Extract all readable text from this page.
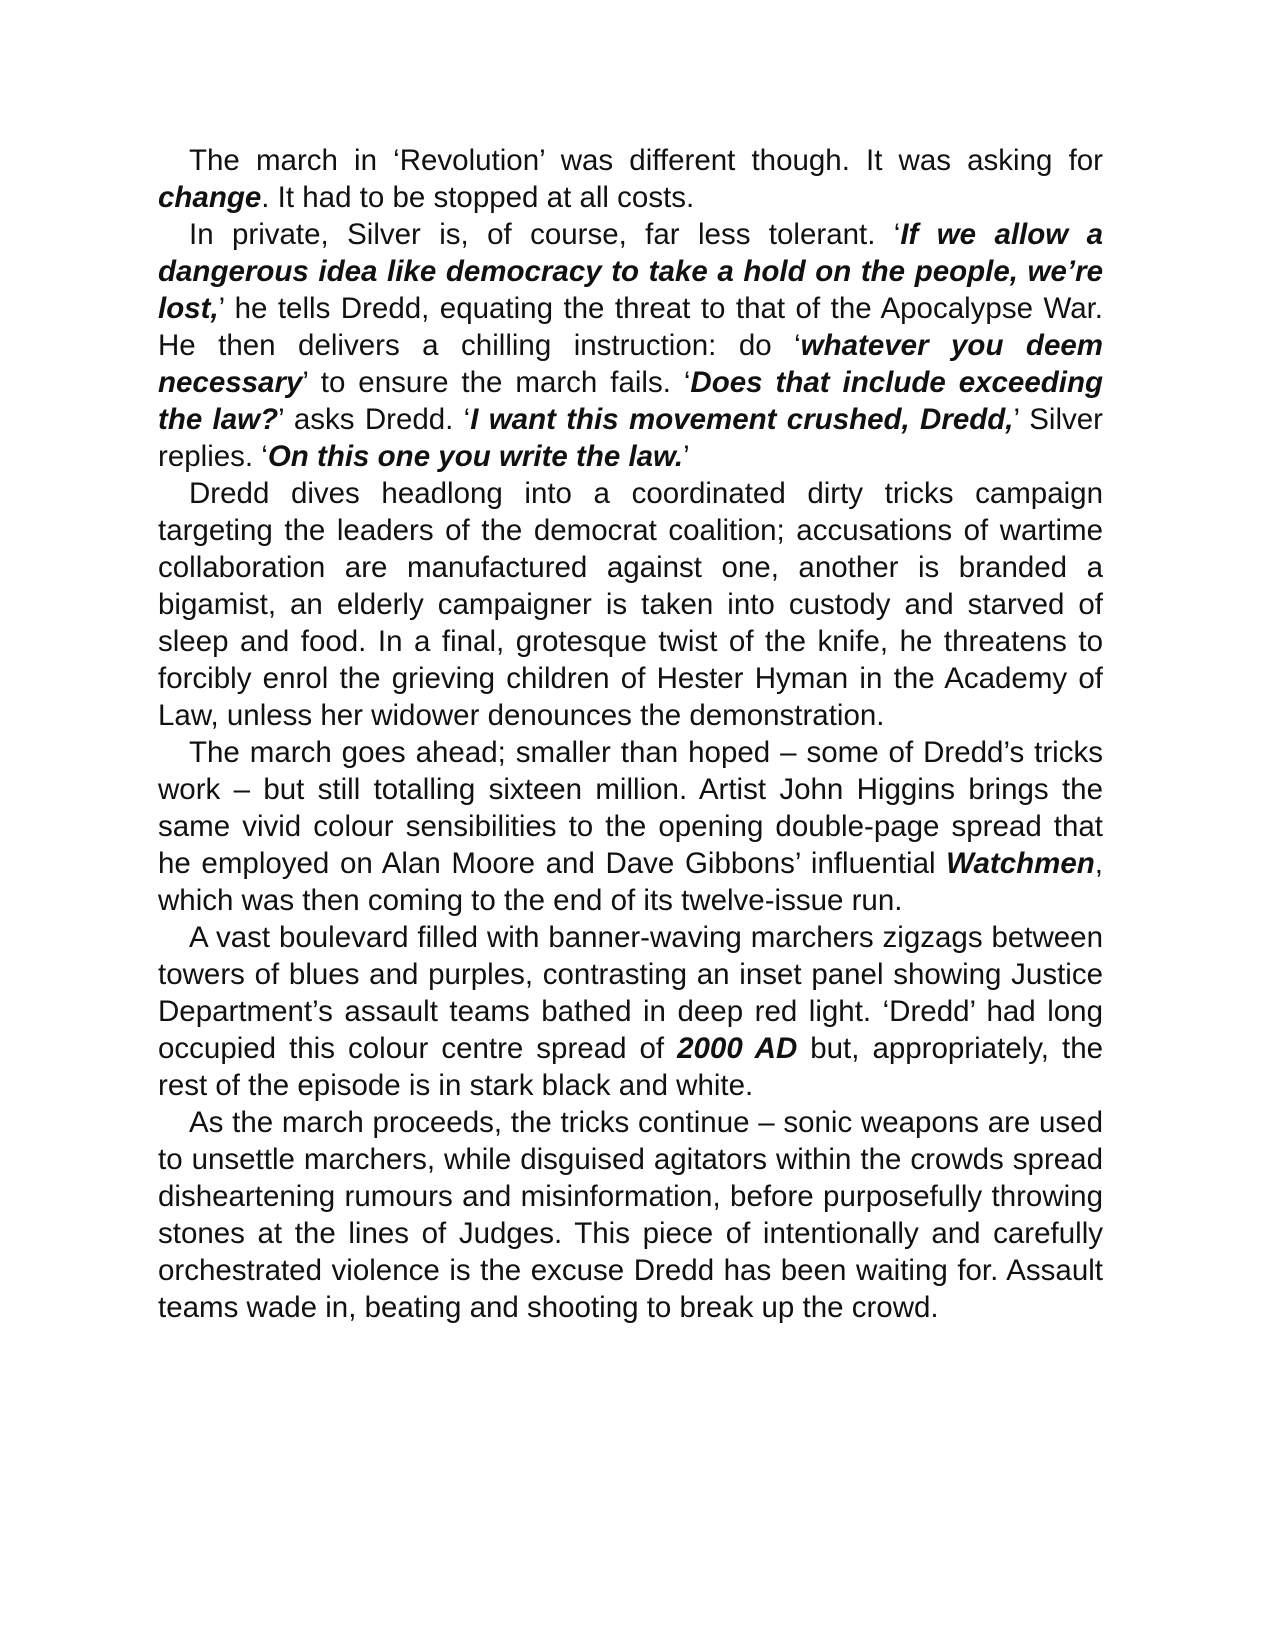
The march in ‘Revolution’ was different though. It was asking for change. It had to be stopped at all costs.

In private, Silver is, of course, far less tolerant. ‘If we allow a dangerous idea like democracy to take a hold on the people, we’re lost,’ he tells Dredd, equating the threat to that of the Apocalypse War. He then delivers a chilling instruction: do ‘whatever you deem necessary’ to ensure the march fails. ‘Does that include exceeding the law?’ asks Dredd. ‘I want this movement crushed, Dredd,’ Silver replies. ‘On this one you write the law.’

Dredd dives headlong into a coordinated dirty tricks campaign targeting the leaders of the democrat coalition; accusations of wartime collaboration are manufactured against one, another is branded a bigamist, an elderly campaigner is taken into custody and starved of sleep and food. In a final, grotesque twist of the knife, he threatens to forcibly enrol the grieving children of Hester Hyman in the Academy of Law, unless her widower denounces the demonstration.

The march goes ahead; smaller than hoped – some of Dredd’s tricks work – but still totalling sixteen million. Artist John Higgins brings the same vivid colour sensibilities to the opening double-page spread that he employed on Alan Moore and Dave Gibbons’ influential Watchmen, which was then coming to the end of its twelve-issue run.

A vast boulevard filled with banner-waving marchers zigzags between towers of blues and purples, contrasting an inset panel showing Justice Department’s assault teams bathed in deep red light. ‘Dredd’ had long occupied this colour centre spread of 2000 AD but, appropriately, the rest of the episode is in stark black and white.

As the march proceeds, the tricks continue – sonic weapons are used to unsettle marchers, while disguised agitators within the crowds spread disheartening rumours and misinformation, before purposefully throwing stones at the lines of Judges. This piece of intentionally and carefully orchestrated violence is the excuse Dredd has been waiting for. Assault teams wade in, beating and shooting to break up the crowd.
